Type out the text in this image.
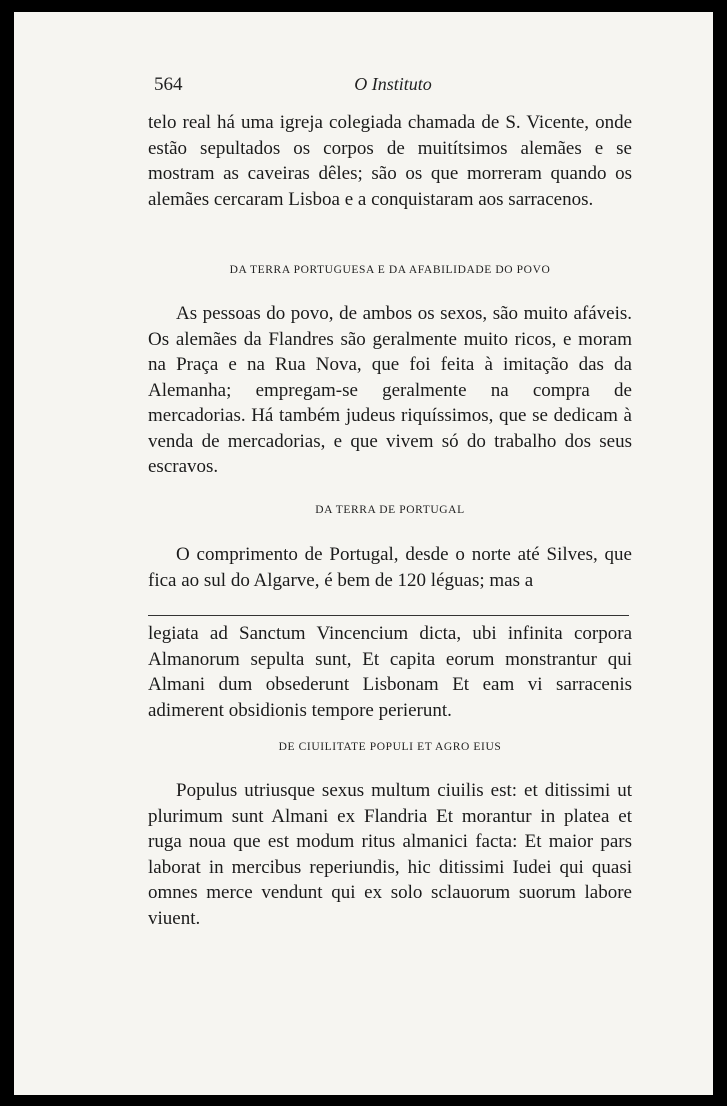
564	O Instituto

telo real há uma igreja colegiada chamada de S. Vicente, onde estão sepultados os corpos de muitítsimos alemães e se mostram as caveiras dêles; são os que morreram quando os alemães cercaram Lisboa e a conquistaram aos sarracenos.

DA TERRA PORTUGUESA E DA AFABILIDADE DO POVO

As pessoas do povo, de ambos os sexos, são muito afáveis. Os alemães da Flandres são geralmente muito ricos, e moram na Praça e na Rua Nova, que foi feita à imitação das da Alemanha; empregam-se geralmente na compra de mercadorias. Há também judeus riquíssimos, que se dedicam à venda de mercadorias, e que vivem só do trabalho dos seus escravos.

DA TERRA DE PORTUGAL

O comprimento de Portugal, desde o norte até Silves, que fica ao sul do Algarve, é bem de 120 léguas; mas a

legiata ad Sanctum Vincencium dicta, ubi infinita corpora Almanorum sepulta sunt, Et capita eorum monstrantur qui Almani dum obsederunt Lisbonam Et eam vi sarracenis adimerent obsidionis tempore perierunt.

DE CIUILITATE POPULI ET AGRO EIUS

Populus utriusque sexus multum ciuilis est: et ditissimi ut plurimum sunt Almani ex Flandria Et morantur in platea et ruga noua que est modum ritus almanici facta: Et maior pars laborat in mercibus reperiundis, hic ditissimi Iudei qui quasi omnes merce vendunt qui ex solo sclauorum suorum labore viuent.
